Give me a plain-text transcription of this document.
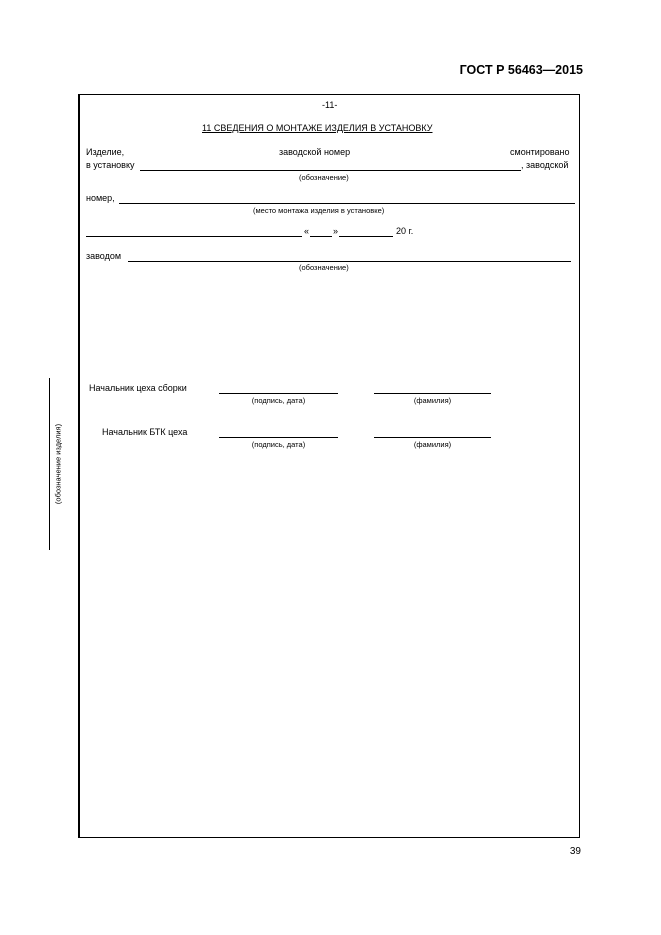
ГОСТ Р 56463—2015
(обозначение изделия)
-11-
11 СВЕДЕНИЯ О МОНТАЖЕ ИЗДЕЛИЯ В УСТАНОВКУ
Изделие,	заводской номер	смонтировано
в установку	, заводской
(обозначение)
номер,
(место монтажа изделия в установке)
«	»	20 г.
заводом
(обозначение)
Начальник цеха сборки
(подпись, дата)	(фамилия)
Начальник БТК цеха
(подпись, дата)	(фамилия)
39
